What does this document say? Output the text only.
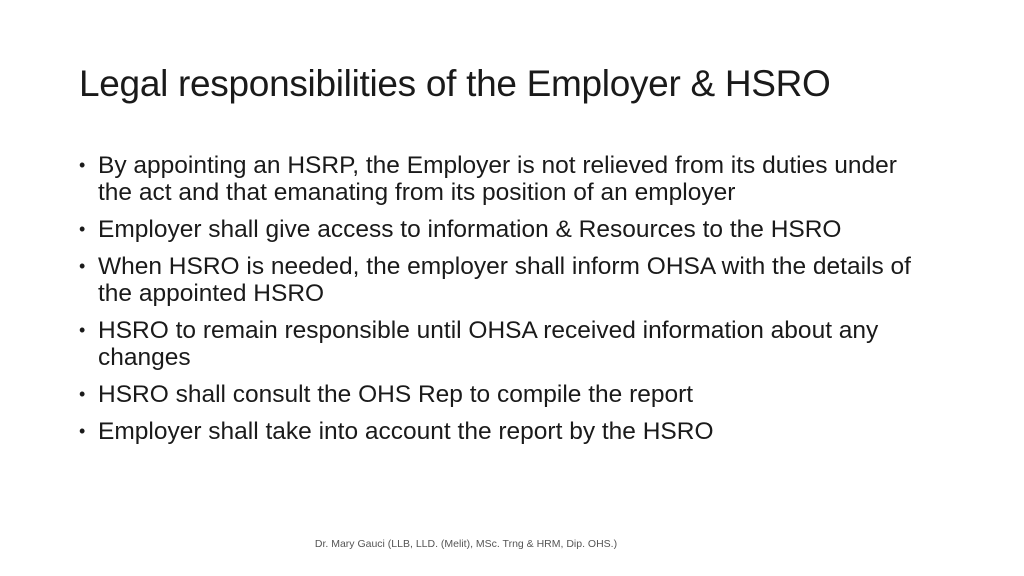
Legal responsibilities of the Employer & HSRO
• By appointing an HSRP, the Employer is not relieved from its duties under the act and that emanating from its position of an employer
• Employer shall give access to information & Resources to the HSRO
• When HSRO is needed, the employer shall inform OHSA with the details of the appointed HSRO
• HSRO to remain responsible until OHSA received information about any changes
• HSRO shall consult the OHS Rep to compile the report
• Employer shall take into account the report by the HSRO
Dr. Mary Gauci (LLB, LLD. (Melit), MSc. Trng & HRM, Dip. OHS.)
